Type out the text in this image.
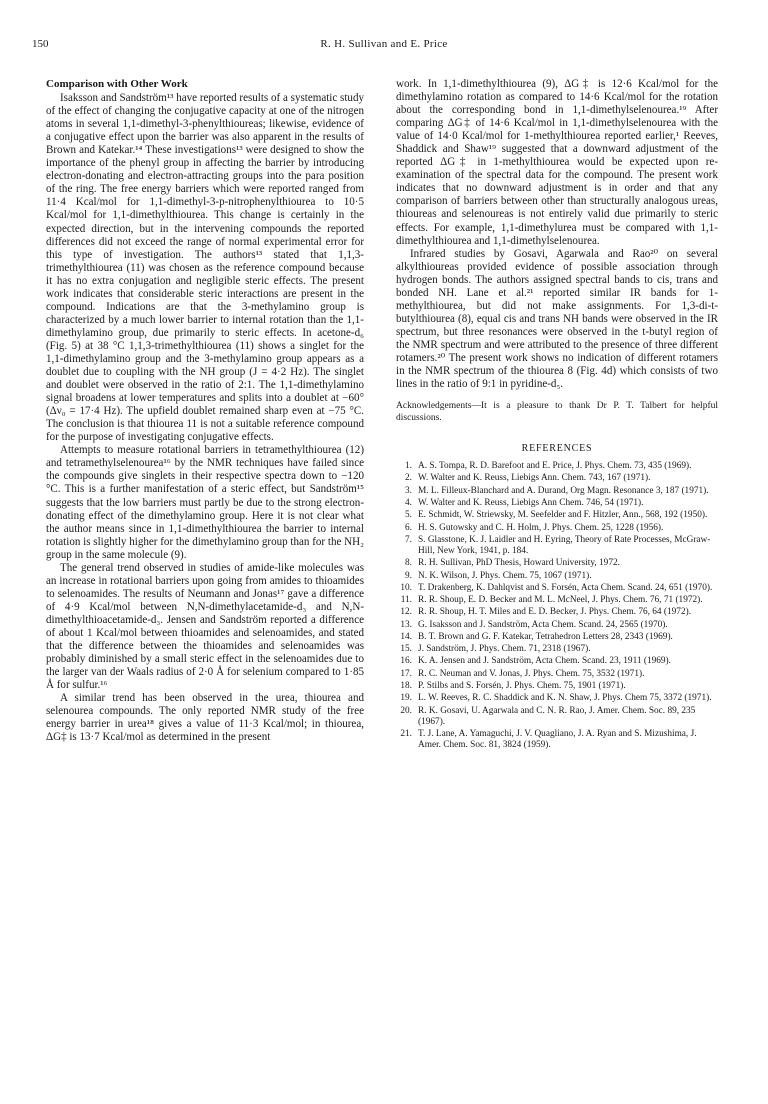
150	R. H. Sullivan and E. Price
Comparison with Other Work

Isaksson and Sandström¹³ have reported results of a systematic study of the effect of changing the conjugative capacity at one of the nitrogen atoms in several 1,1-dimethyl-3-phenylthioureas; likewise, evidence of a conjugative effect upon the barrier was also apparent in the results of Brown and Katekar.¹⁴ These investigations¹³ were designed to show the importance of the phenyl group in affecting the barrier by introducing electron-donating and electron-attracting groups into the para position of the ring. The free energy barriers which were reported ranged from 11·4 Kcal/mol for 1,1-dimethyl-3-p-nitrophenylthiourea to 10·5 Kcal/mol for 1,1-dimethylthiourea. This change is certainly in the expected direction, but in the intervening compounds the reported differences did not exceed the range of normal experimental error for this type of investigation. The authors¹³ stated that 1,1,3-trimethylthiourea (11) was chosen as the reference compound because it has no extra conjugation and negligible steric effects. The present work indicates that considerable steric interactions are present in the compound. Indications are that the 3-methylamino group is characterized by a much lower barrier to internal rotation than the 1,1-dimethylamino group, due primarily to steric effects. In acetone-d₆ (Fig. 5) at 38 °C 1,1,3-trimethylthiourea (11) shows a singlet for the 1,1-dimethylamino group and the 3-methylamino group appears as a doublet due to coupling with the NH group (J = 4·2 Hz). The singlet and doublet were observed in the ratio of 2:1. The 1,1-dimethylamino signal broadens at lower temperatures and splits into a doublet at −60° (Δν₀ = 17·4 Hz). The upfield doublet remained sharp even at −75 °C. The conclusion is that thiourea 11 is not a suitable reference compound for the purpose of investigating conjugative effects.

Attempts to measure rotational barriers in tetramethylthiourea (12) and tetramethylselenourea¹⁶ by the NMR techniques have failed since the compounds give singlets in their respective spectra down to −120 °C. This is a further manifestation of a steric effect, but Sandström¹⁵ suggests that the low barriers must partly be due to the strong electron-donating effect of the dimethylamino group. Here it is not clear what the author means since in 1,1-dimethylthiourea the barrier to internal rotation is slightly higher for the dimethylamino group than for the NH₂ group in the same molecule (9).

The general trend observed in studies of amide-like molecules was an increase in rotational barriers upon going from amides to thioamides to selenoamides. The results of Neumann and Jonas¹⁷ gave a difference of 4·9 Kcal/mol between N,N-dimethylacetamide-d₃ and N,N-dimethylthioacetamide-d₃. Jensen and Sandström reported a difference of about 1 Kcal/mol between thioamides and selenoamides, and stated that the difference between the thioamides and selenoamides was probably diminished by a small steric effect in the selenoamides due to the larger van der Waals radius of 2·0 Å for selenium compared to 1·85 Å for sulfur.¹⁶

A similar trend has been observed in the urea, thiourea and selenourea compounds. The only reported NMR study of the free energy barrier in urea¹⁸ gives a value of 11·3 Kcal/mol; in thiourea, ΔG‡ is 13·7 Kcal/mol as determined in the present

work. In 1,1-dimethylthiourea (9), ΔG‡ is 12·6 Kcal/mol for the dimethylamino rotation as compared to 14·6 Kcal/mol for the rotation about the corresponding bond in 1,1-dimethylselenourea.¹⁹ After comparing ΔG‡ of 14·6 Kcal/mol in 1,1-dimethylselenourea with the value of 14·0 Kcal/mol for 1-methylthiourea reported earlier,¹ Reeves, Shaddick and Shaw¹⁹ suggested that a downward adjustment of the reported ΔG‡ in 1-methylthiourea would be expected upon re-examination of the spectral data for the compound. The present work indicates that no downward adjustment is in order and that any comparison of barriers between other than structurally analogous ureas, thioureas and selenoureas is not entirely valid due primarily to steric effects. For example, 1,1-dimethylurea must be compared with 1,1-dimethylthiourea and 1,1-dimethylselenourea.

Infrared studies by Gosavi, Agarwala and Rao²⁰ on several alkylthioureas provided evidence of possible association through hydrogen bonds. The authors assigned spectral bands to cis, trans and bonded NH. Lane et al.²¹ reported similar IR bands for 1-methylthiourea, but did not make assignments. For 1,3-di-t-butylthiourea (8), equal cis and trans NH bands were observed in the IR spectrum, but three resonances were observed in the t-butyl region of the NMR spectrum and were attributed to the presence of three different rotamers.²⁰ The present work shows no indication of different rotamers in the NMR spectrum of the thiourea 8 (Fig. 4d) which consists of two lines in the ratio of 9:1 in pyridine-d₅.

Acknowledgements—It is a pleasure to thank Dr P. T. Talbert for helpful discussions.

REFERENCES
1. A. S. Tompa, R. D. Barefoot and E. Price, J. Phys. Chem. 73, 435 (1969).
2. W. Walter and K. Reuss, Liebigs Ann. Chem. 743, 167 (1971).
3. M. L. Filleux-Blanchard and A. Durand, Org Magn. Resonance 3, 187 (1971).
4. W. Walter and K. Reuss, Liebigs Ann Chem. 746, 54 (1971).
5. E. Schmidt, W. Striewsky, M. Seefelder and F. Hitzler, Ann., 568, 192 (1950).
6. H. S. Gutowsky and C. H. Holm, J. Phys. Chem. 25, 1228 (1956).
7. S. Glasstone, K. J. Laidler and H. Eyring, Theory of Rate Processes, McGraw-Hill, New York, 1941, p. 184.
8. R. H. Sullivan, PhD Thesis, Howard University, 1972.
9. N. K. Wilson, J. Phys. Chem. 75, 1067 (1971).
10. T. Drakenberg, K. Dahlqvist and S. Forsén, Acta Chem. Scand. 24, 651 (1970).
11. R. R. Shoup, E. D. Becker and M. L. McNeel, J. Phys. Chem. 76, 71 (1972).
12. R. R. Shoup, H. T. Miles and E. D. Becker, J. Phys. Chem. 76, 64 (1972).
13. G. Isaksson and J. Sandström, Acta Chem. Scand. 24, 2565 (1970).
14. B. T. Brown and G. F. Katekar, Tetrahedron Letters 28, 2343 (1969).
15. J. Sandström, J. Phys. Chem. 71, 2318 (1967).
16. K. A. Jensen and J. Sandström, Acta Chem. Scand. 23, 1911 (1969).
17. R. C. Neuman and V. Jonas, J. Phys. Chem. 75, 3532 (1971).
18. P. Stilbs and S. Forsén, J. Phys. Chem. 75, 1901 (1971).
19. L. W. Reeves, R. C. Shaddick and K. N. Shaw, J. Phys. Chem 75, 3372 (1971).
20. R. K. Gosavi, U. Agarwala and C. N. R. Rao, J. Amer. Chem. Soc. 89, 235 (1967).
21. T. J. Lane, A. Yamaguchi, J. V. Quagliano, J. A. Ryan and S. Mizushima, J. Amer. Chem. Soc. 81, 3824 (1959).
